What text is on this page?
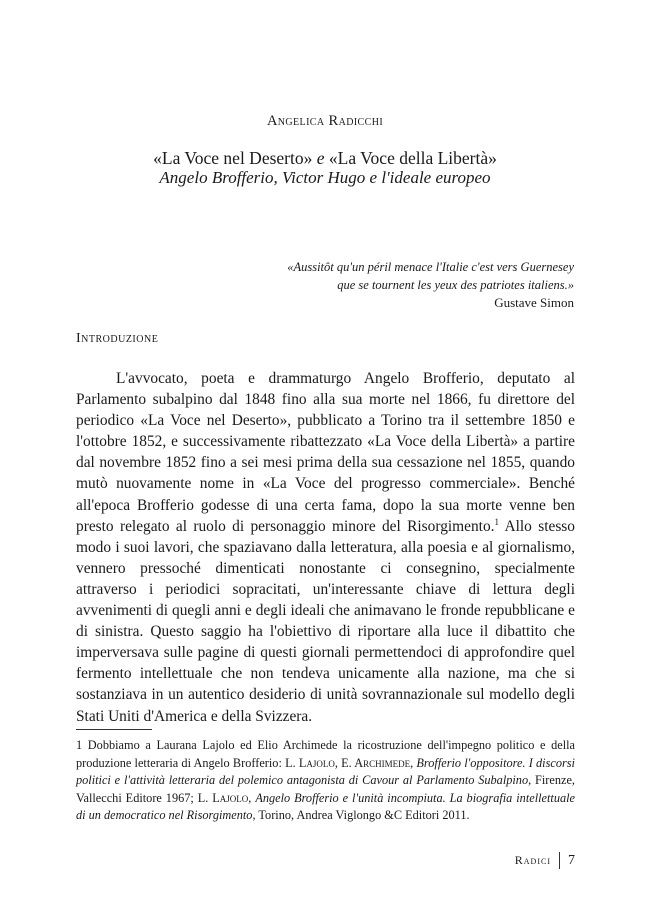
Angelica Radicchi
«La Voce nel Deserto» e «La Voce della Libertà»
Angelo Brofferio, Victor Hugo e l'ideale europeo
«Aussitôt qu'un péril menace l'Italie c'est vers Guernesey
que se tournent les yeux des patriotes italiens.»
Gustave Simon
Introduzione

L'avvocato, poeta e drammaturgo Angelo Brofferio, deputato al Parlamento subalpino dal 1848 fino alla sua morte nel 1866, fu direttore del periodico «La Voce nel Deserto», pubblicato a Torino tra il settembre 1850 e l'ottobre 1852, e successivamente ribattezzato «La Voce della Libertà» a partire dal novembre 1852 fino a sei mesi prima della sua cessazione nel 1855, quando mutò nuovamente nome in «La Voce del progresso commerciale». Benché all'epoca Brofferio godesse di una certa fama, dopo la sua morte venne ben presto relegato al ruolo di personaggio minore del Risorgimento.$^1$ Allo stesso modo i suoi lavori, che spaziavano dalla letteratura, alla poesia e al giornalismo, vennero pressoché dimenticati nonostante ci consegnino, specialmente attraverso i periodici sopracitati, un'interessante chiave di lettura degli avvenimenti di quegli anni e degli ideali che animavano le fronde repubblicane e di sinistra. Questo saggio ha l'obiettivo di riportare alla luce il dibattito che imperversava sulle pagine di questi giornali permettendoci di approfondire quel fermento intellettuale che non tendeva unicamente alla nazione, ma che si sostanziava in un autentico desiderio di unità sovrannazionale sul modello degli Stati Uniti d'America e della Svizzera.

1 Dobbiamo a Laurana Lajolo ed Elio Archimede la ricostruzione dell'impegno politico e della produzione letteraria di Angelo Brofferio: L. Lajolo, E. Archimede, Brofferio l'oppositore. I discorsi politici e l'attività letteraria del polemico antagonista di Cavour al Parlamento Subalpino, Firenze, Vallecchi Editore 1967; L. Lajolo, Angelo Brofferio e l'unità incompiuta. La biografia intellettuale di un democratico nel Risorgimento, Torino, Andrea Viglongo &C Editori 2011.
Radici 7
